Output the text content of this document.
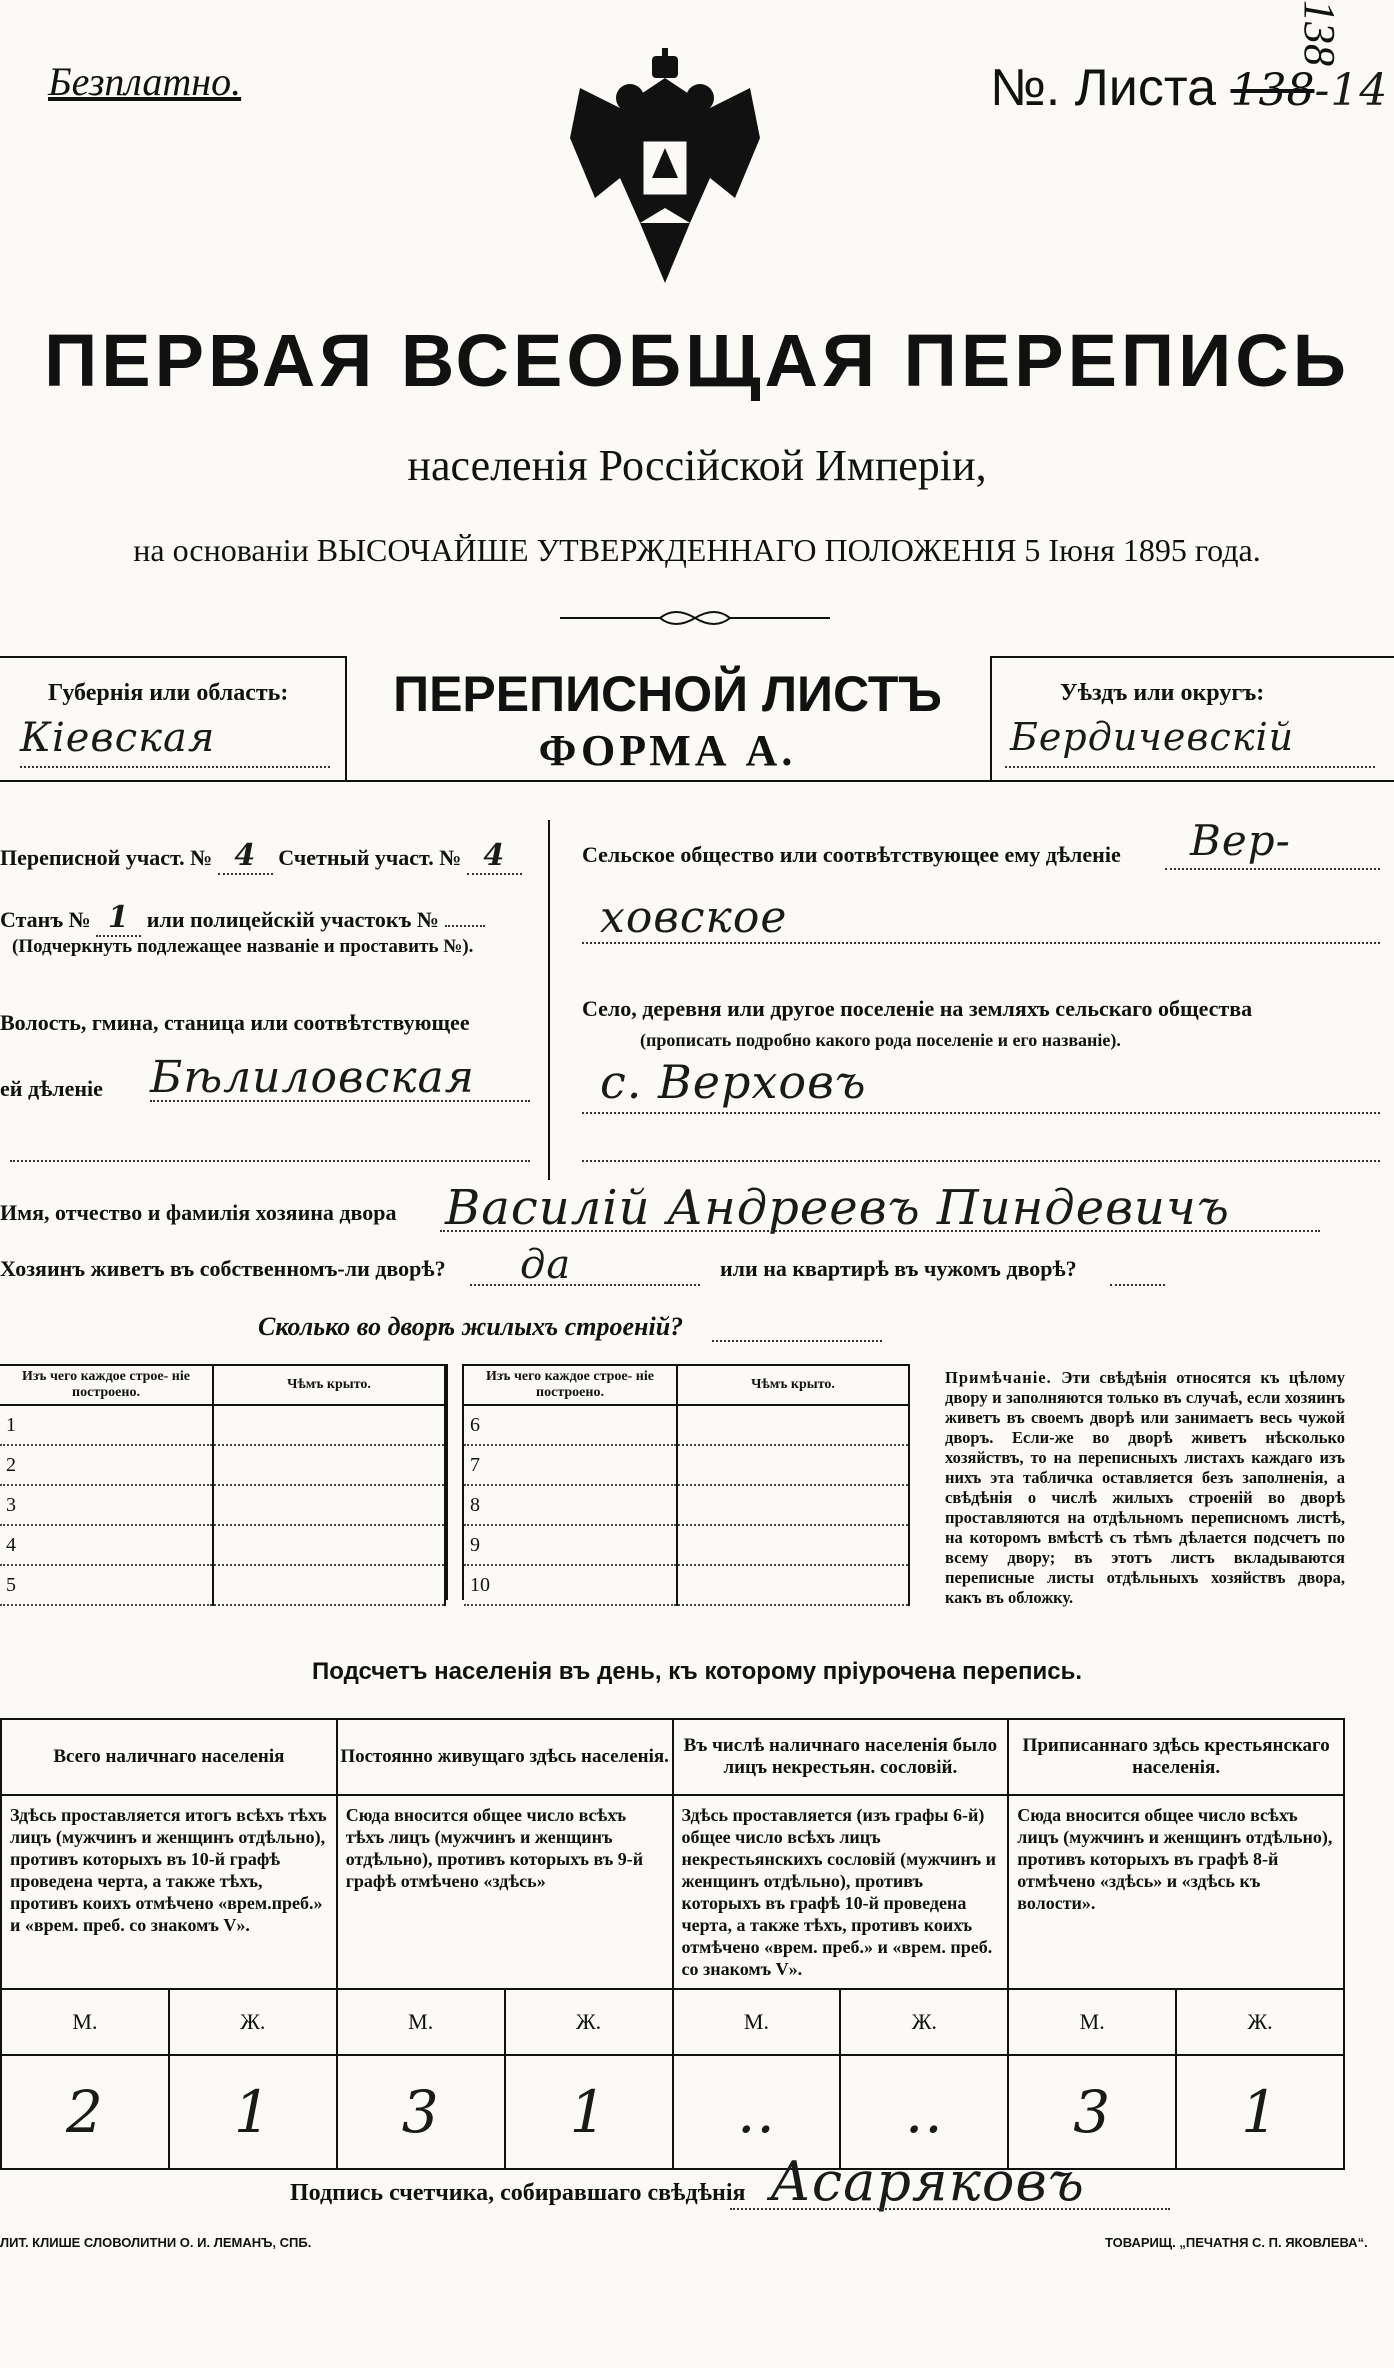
Безплатно.	№. Листа 138-14
138
ПЕРВАЯ ВСЕОБЩАЯ ПЕРЕПИСЬ
населенія Россійской Имперіи,
на основаніи ВЫСОЧАЙШЕ УТВЕРЖДЕННАГО ПОЛОЖЕНІЯ 5 Іюня 1895 года.
Губернія или область:
Кіевская
ПЕРЕПИСНОЙ ЛИСТЪ
ФОРМА А.
Уѣздъ или округъ:
Бердичевскій
Переписной участ. № 4 Счетный участ. № 4
Станъ № 1 или полицейскій участокъ №
(Подчеркнуть подлежащее названіе и проставить №).
Волость, гмина, станица или соотвѣтствующее
ей дѣленіе Бѣлиловская
Сельское общество или соотвѣтствующее ему дѣленіе Вер-
ховское
Село, деревня или другое поселеніе на земляхъ сельскаго общества
(прописать подробно какого рода поселеніе и его названіе).
с. Верховъ
Имя, отчество и фамилія хозяина двора Василій Андреевъ Пиндевичъ
Хозяинъ живетъ въ собственномъ-ли дворѣ? да	или на квартирѣ въ чужомъ дворѣ?
Сколько во дворѣ жилыхъ строеній?
Изъ чего каждое строе- ніе построено.	Чѣмъ крыто.
1	
2	
3	
4	
5	
Изъ чего каждое строе- ніе построено.	Чѣмъ крыто.
6	
7	
8	
9	
10	
Примѣчаніе. Эти свѣдѣнія относятся къ цѣлому двору и заполняются только въ случаѣ, если хозяинъ живетъ въ своемъ дворѣ или занимаетъ весь чужой дворъ. Если-же во дворѣ живетъ нѣсколько хозяйствъ, то на переписныхъ листахъ каждаго изъ нихъ эта табличка оставляется безъ заполненія, а свѣдѣнія о числѣ жилыхъ строеній во дворѣ проставляются на отдѣльномъ переписномъ листѣ, на которомъ вмѣстѣ съ тѣмъ дѣлается подсчетъ по всему двору; въ этотъ листъ вкладываются переписные листы отдѣльныхъ хозяйствъ двора, какъ въ обложку.
Подсчетъ населенія въ день, къ которому пріурочена перепись.
Всего наличнаго населенія		Постоянно живущаго здѣсь населенія.		Въ числѣ наличнаго населенія было лицъ некрестьян. сословій.		Приписаннаго здѣсь крестьянскаго населенія.	
Здѣсь проставляется итогъ всѣхъ тѣхъ лицъ (мужчинъ и женщинъ отдѣльно), противъ которыхъ въ 10-й графѣ проведена черта, а также тѣхъ, противъ коихъ отмѣчено «врем.преб.» и «врем. преб. со знакомъ V».		Сюда вносится общее число всѣхъ тѣхъ лицъ (мужчинъ и женщинъ отдѣльно), противъ которыхъ въ 9-й графѣ отмѣчено «здѣсь»		Здѣсь проставляется (изъ графы 6-й) общее число всѣхъ лицъ некрестьянскихъ сословій (мужчинъ и женщинъ отдѣльно), противъ которыхъ въ графѣ 10-й проведена черта, а также тѣхъ, противъ коихъ отмѣчено «врем. преб.» и «врем. преб. со знакомъ V».		Сюда вносится общее число всѣхъ лицъ (мужчинъ и женщинъ отдѣльно), противъ которыхъ въ графѣ 8-й отмѣчено «здѣсь» и «здѣсь къ волости».	
М.	Ж.	М.	Ж.	М.	Ж.	М.	Ж.
2	1	3	1	..	..	3	1
Подпись счетчика, собиравшаго свѣдѣнія Асаряковъ
ЛИТ. КЛИШЕ СЛОВОЛИТНИ О. И. ЛЕМАНЪ, СПБ.	ТОВАРИЩ. „ПЕЧАТНЯ С. П. ЯКОВЛЕВА“.
